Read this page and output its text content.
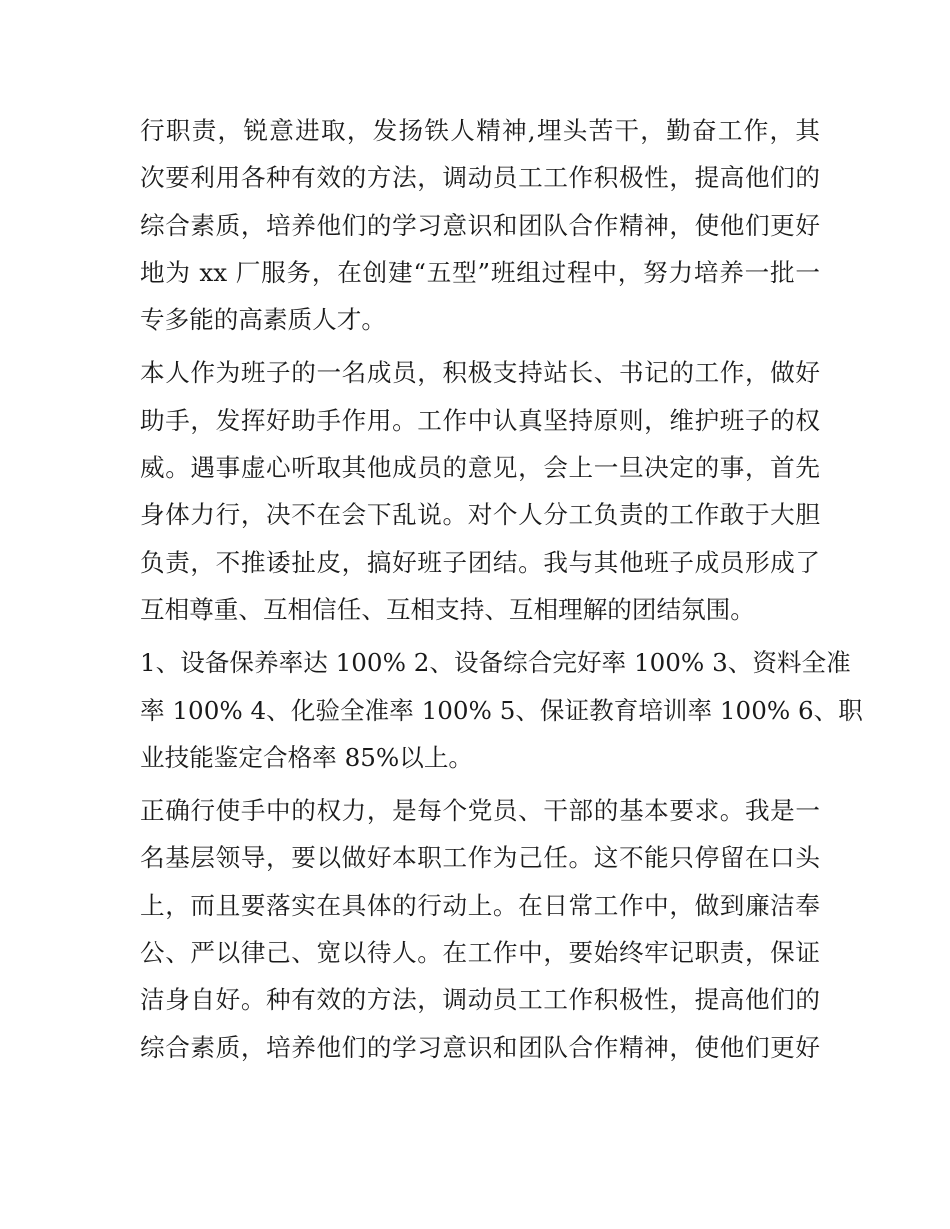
行职责，锐意进取，发扬铁人精神,埋头苦干，勤奋工作，其
次要利用各种有效的方法，调动员工工作积极性，提高他们的
综合素质，培养他们的学习意识和团队合作精神，使他们更好
地为 xx 厂服务，在创建“五型”班组过程中，努力培养一批一
专多能的高素质人才。
本人作为班子的一名成员，积极支持站长、书记的工作，做好
助手，发挥好助手作用。工作中认真坚持原则，维护班子的权
威。遇事虚心听取其他成员的意见，会上一旦决定的事，首先
身体力行，决不在会下乱说。对个人分工负责的工作敢于大胆
负责，不推诿扯皮，搞好班子团结。我与其他班子成员形成了
互相尊重、互相信任、互相支持、互相理解的团结氛围。
1、设备保养率达 100% 2、设备综合完好率 100% 3、资料全准
率 100% 4、化验全准率 100% 5、保证教育培训率 100% 6、职
业技能鉴定合格率 85%以上。
正确行使手中的权力，是每个党员、干部的基本要求。我是一
名基层领导，要以做好本职工作为己任。这不能只停留在口头
上，而且要落实在具体的行动上。在日常工作中，做到廉洁奉
公、严以律己、宽以待人。在工作中，要始终牢记职责，保证
洁身自好。种有效的方法，调动员工工作积极性，提高他们的
综合素质，培养他们的学习意识和团队合作精神，使他们更好
